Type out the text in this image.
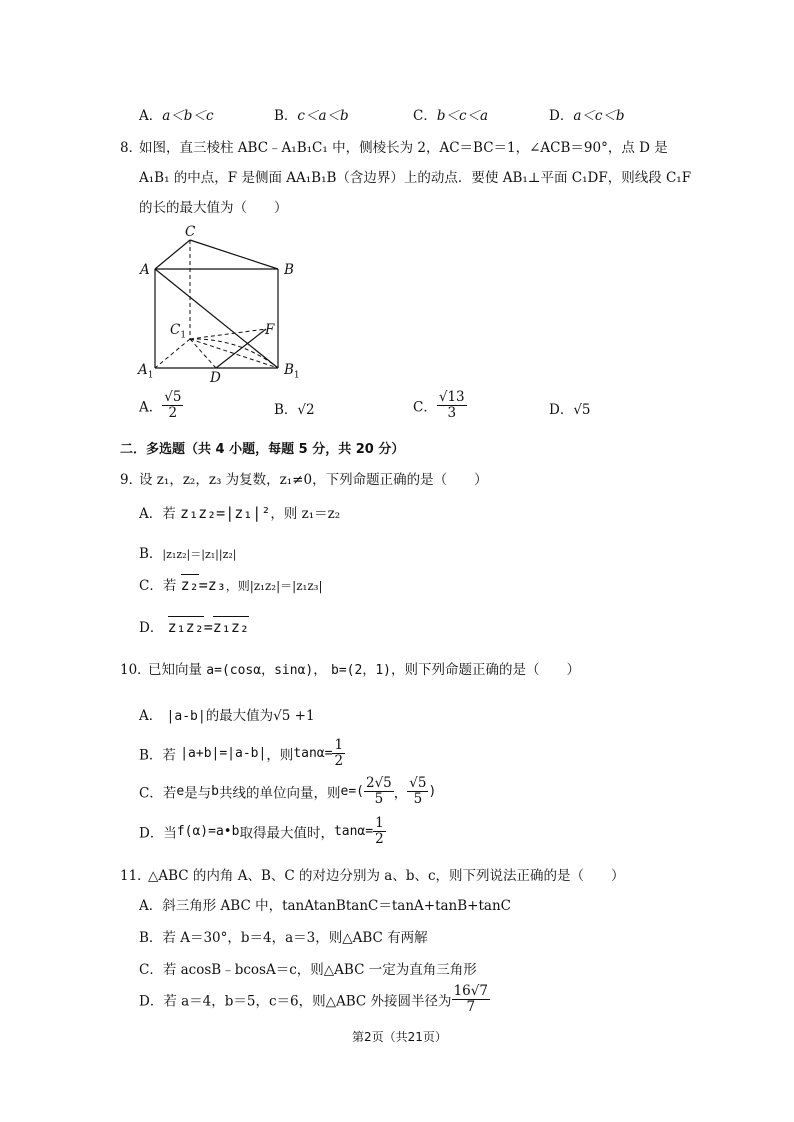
A．a＜b＜c	B．c＜a＜b	C．b＜c＜a	D．a＜c＜b
8．
如图，直三棱柱 ABC﹣A₁B₁C₁ 中，侧棱长为 2，AC＝BC＝1，∠ACB＝90°，点 D 是
A₁B₁ 的中点，F 是侧面 AA₁B₁B（含边界）上的动点．要使 AB₁⊥平面 C₁DF，则线段 C₁F
的长的最大值为（　　）
C
A	B
$C_1$	F
$A_1$	D	$B_1$
A． $\frac{√5}{2}$	B．√2	C． $\frac{√13}{3}$	D．√5
二．多选题（共 4 小题，每题 5 分，共 20 分）
9．
设 z₁，z₂，z₃ 为复数，z₁≠0，下列命题正确的是（　　）
A．若 z₁z₂=|z₁|²，则 z₁＝z₂
B．|z₁z₂|＝|z₁||z₂|
C．若 z₂=z₃，则|z₁z₂|＝|z₁z₃|
D． z₁z₂=z₁z₂
10．
已知向量 a=(cosα，sinα)， b=(2，1)，则下列命题正确的是（　　）
A． |a-b|的最大值为√5 +1
B．若 |a+b|=|a-b|，则$\tan\alpha= \frac{1}{2}$
C．若e是与b共线的单位向量，则$e=( \frac{2√5}{5}$ ， $\frac{√5}{5}$ )
D．当f(α)=a•b取得最大值时，$\tan\alpha= \frac{1}{2}$
11．
△ABC 的内角 A、B、C 的对边分别为 a、b、c，则下列说法正确的是（　　）
A．斜三角形 ABC 中，tanAtanBtanC＝tanA+tanB+tanC
B．若 A＝30°，b＝4，a＝3，则△ABC 有两解
C．若 acosB﹣bcosA＝c，则△ABC 一定为直角三角形
D．若 a＝4，b＝5，c＝6，则△ABC 外接圆半径为 $\frac{16√7}{7}$
第2页（共21页）
